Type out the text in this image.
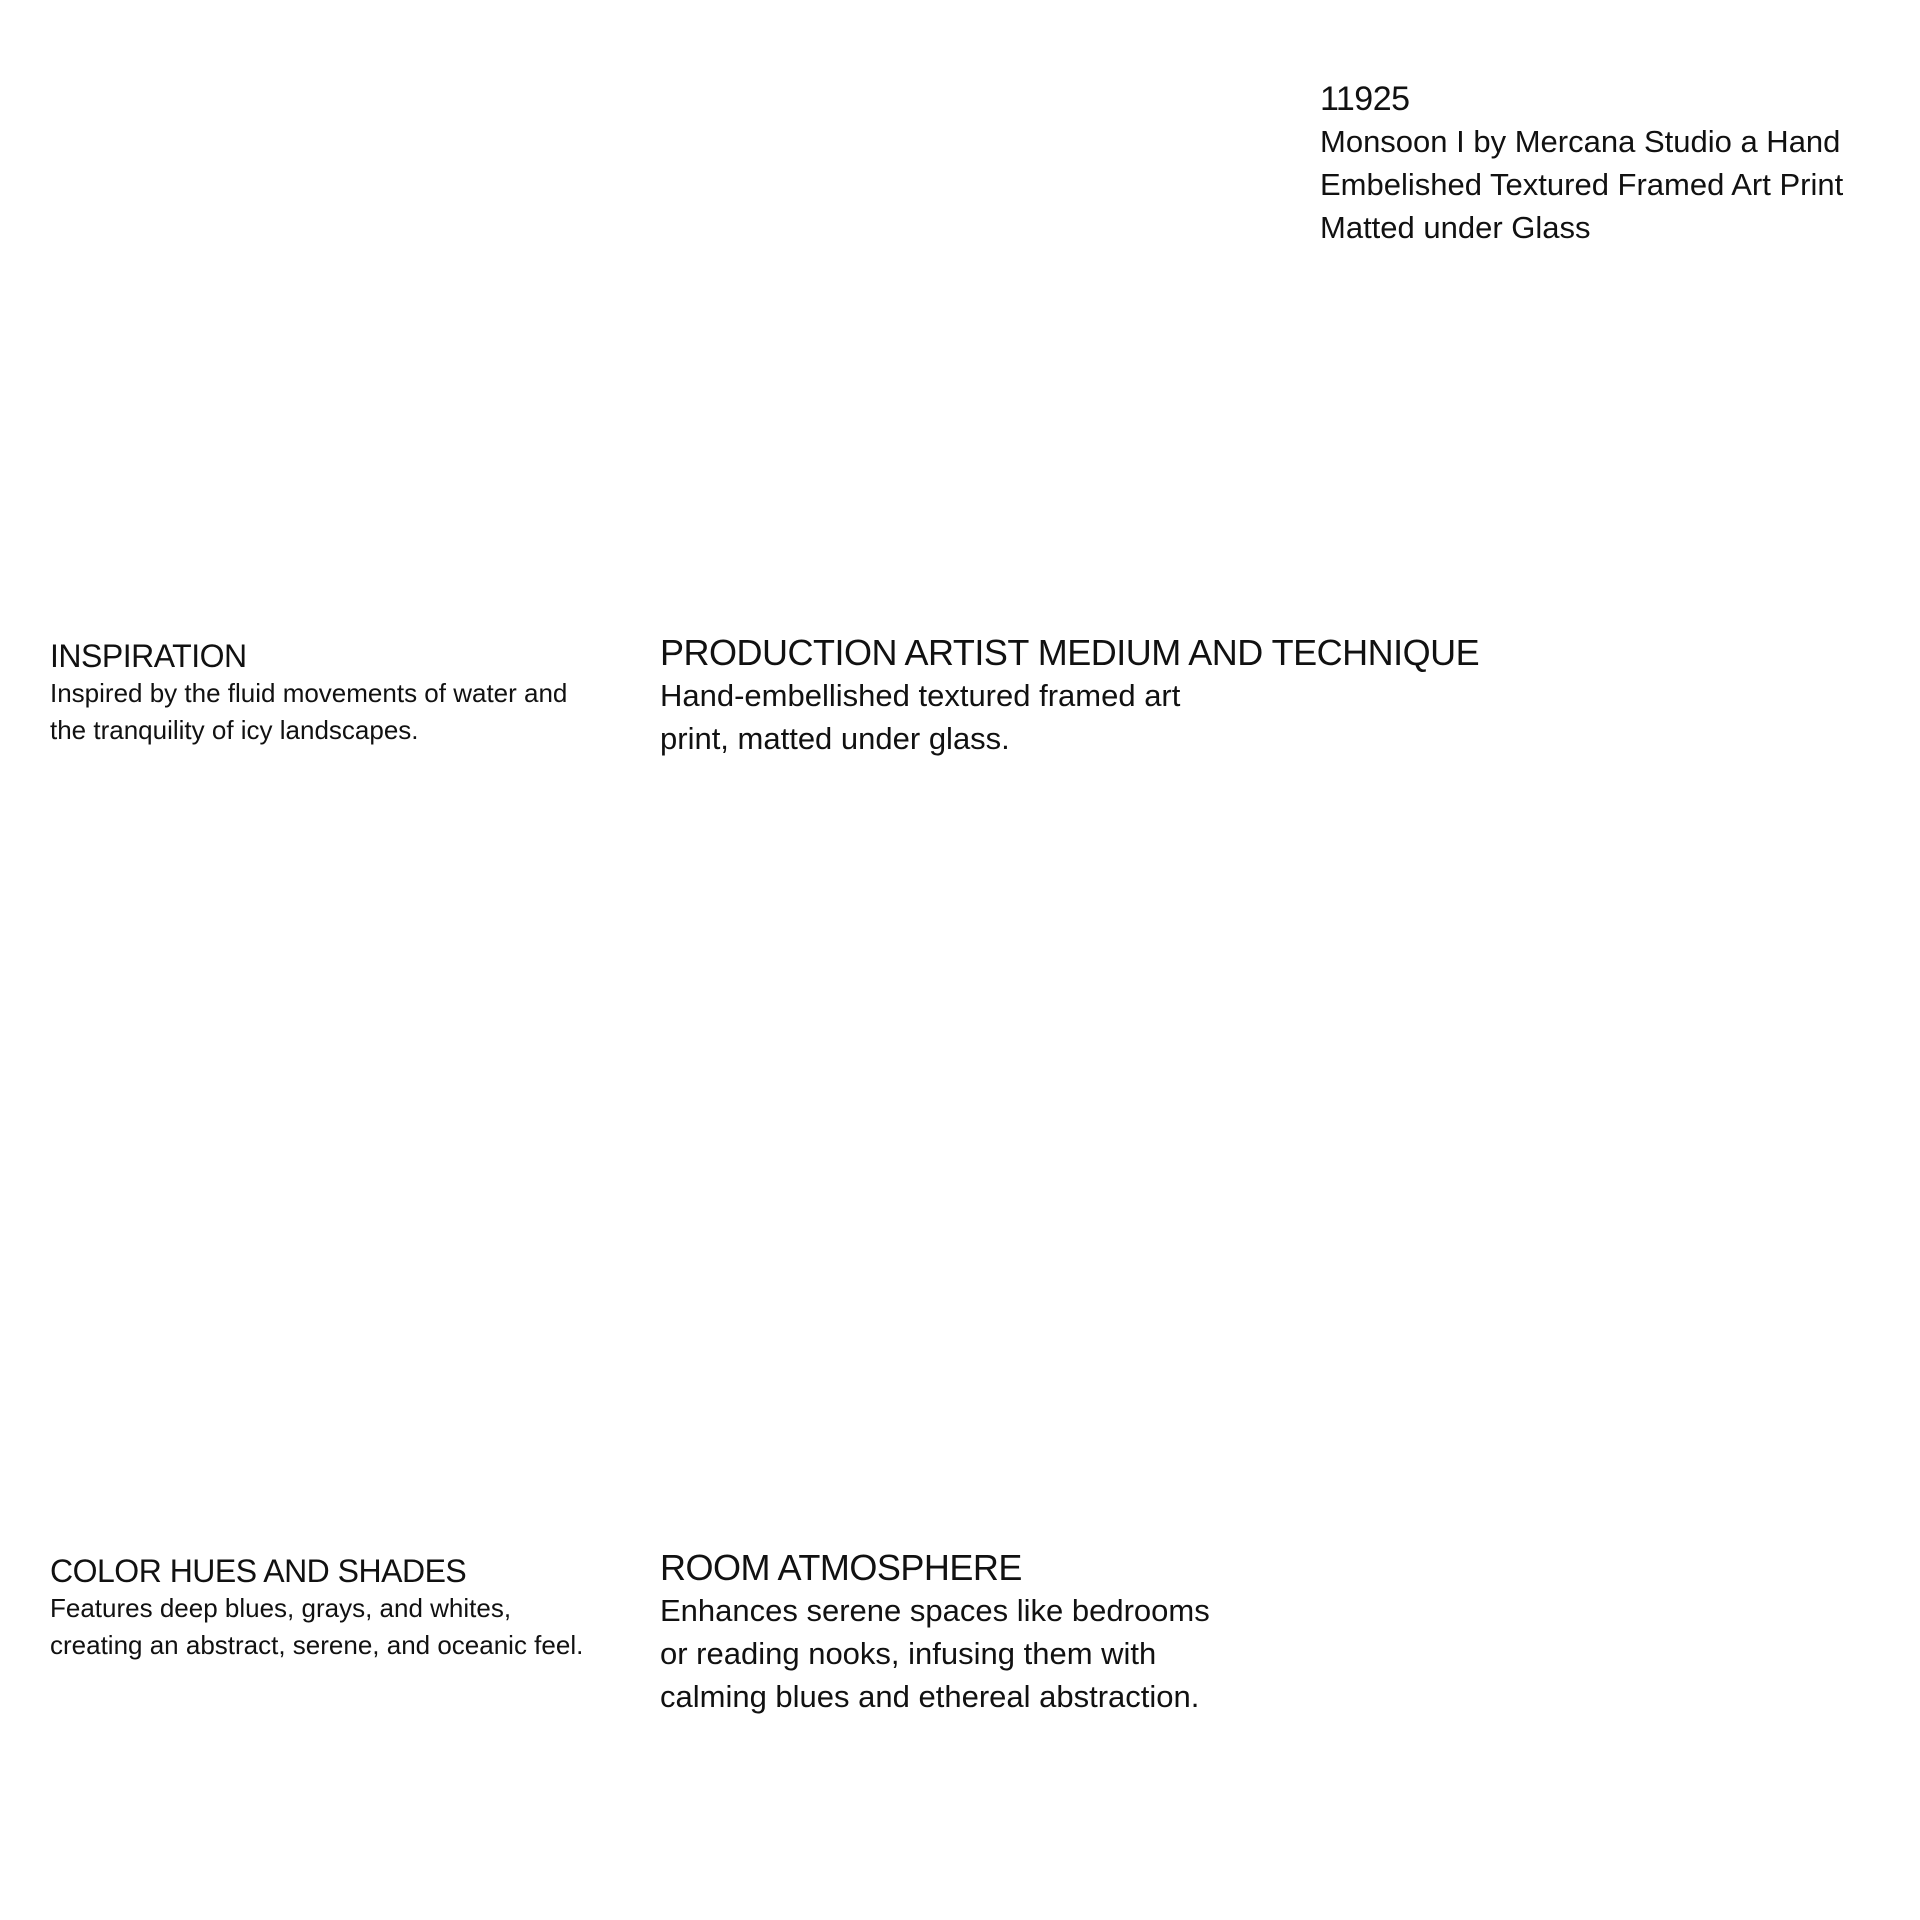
11925

Monsoon I by Mercana Studio a Hand
Embelished Textured Framed Art Print
Matted under Glass

INSPIRATION

Inspired by the fluid movements of water and
the tranquility of icy landscapes.

PRODUCTION ARTIST MEDIUM AND TECHNIQUE

Hand-embellished textured framed art
print, matted under glass.

COLOR HUES AND SHADES

Features deep blues, grays, and whites,
creating an abstract, serene, and oceanic feel.

ROOM ATMOSPHERE

Enhances serene spaces like bedrooms
or reading nooks, infusing them with
calming blues and ethereal abstraction.
